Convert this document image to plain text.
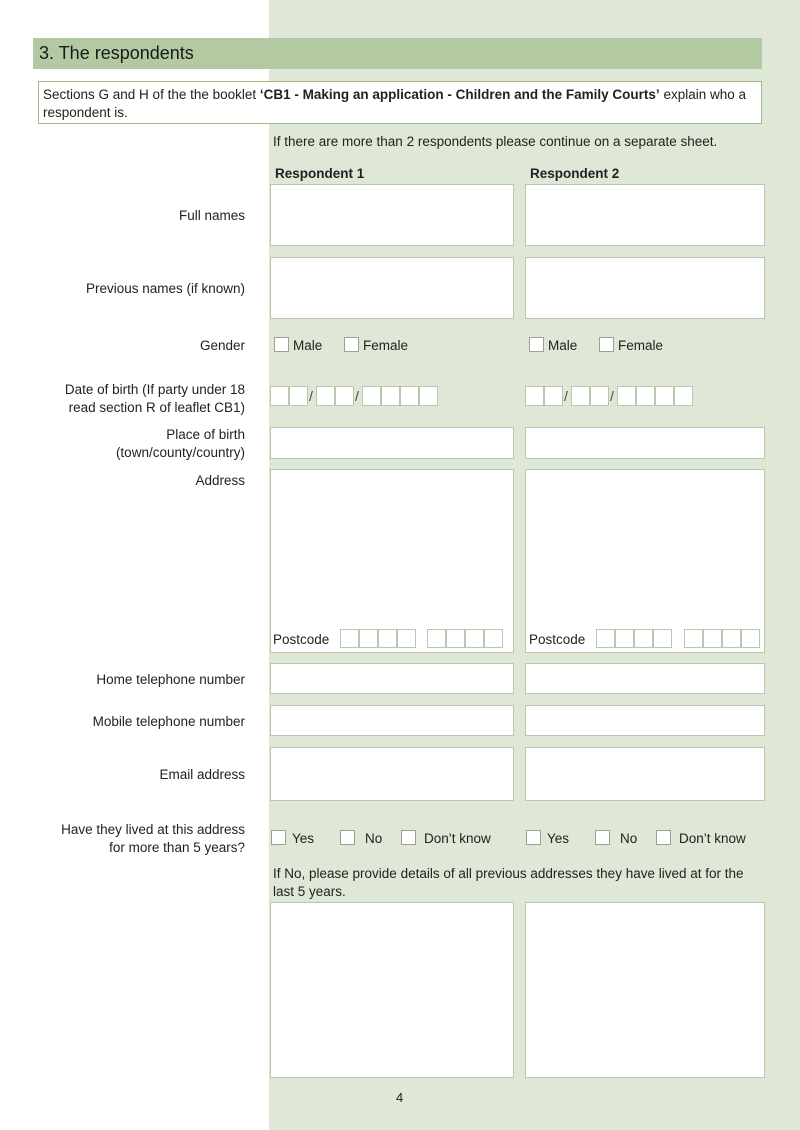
3. The respondents
Sections G and H of the the booklet ‘CB1 - Making an application - Children and the Family Courts’ explain who a respondent is.
If there are more than 2 respondents please continue on a separate sheet.
Respondent 1	Respondent 2
Full names
Previous names (if known)
Gender	Male	Female	Male	Female
Date of birth (If party under 18
read section R of leaflet CB1)
/	/	/	/
Place of birth
(town/county/country)
Address
Postcode	Postcode
Home telephone number
Mobile telephone number
Email address
Have they lived at this address
for more than 5 years?
Yes	No	Don’t know	Yes	No	Don’t know
If No, please provide details of all previous addresses they have lived at for the last 5 years.
4
